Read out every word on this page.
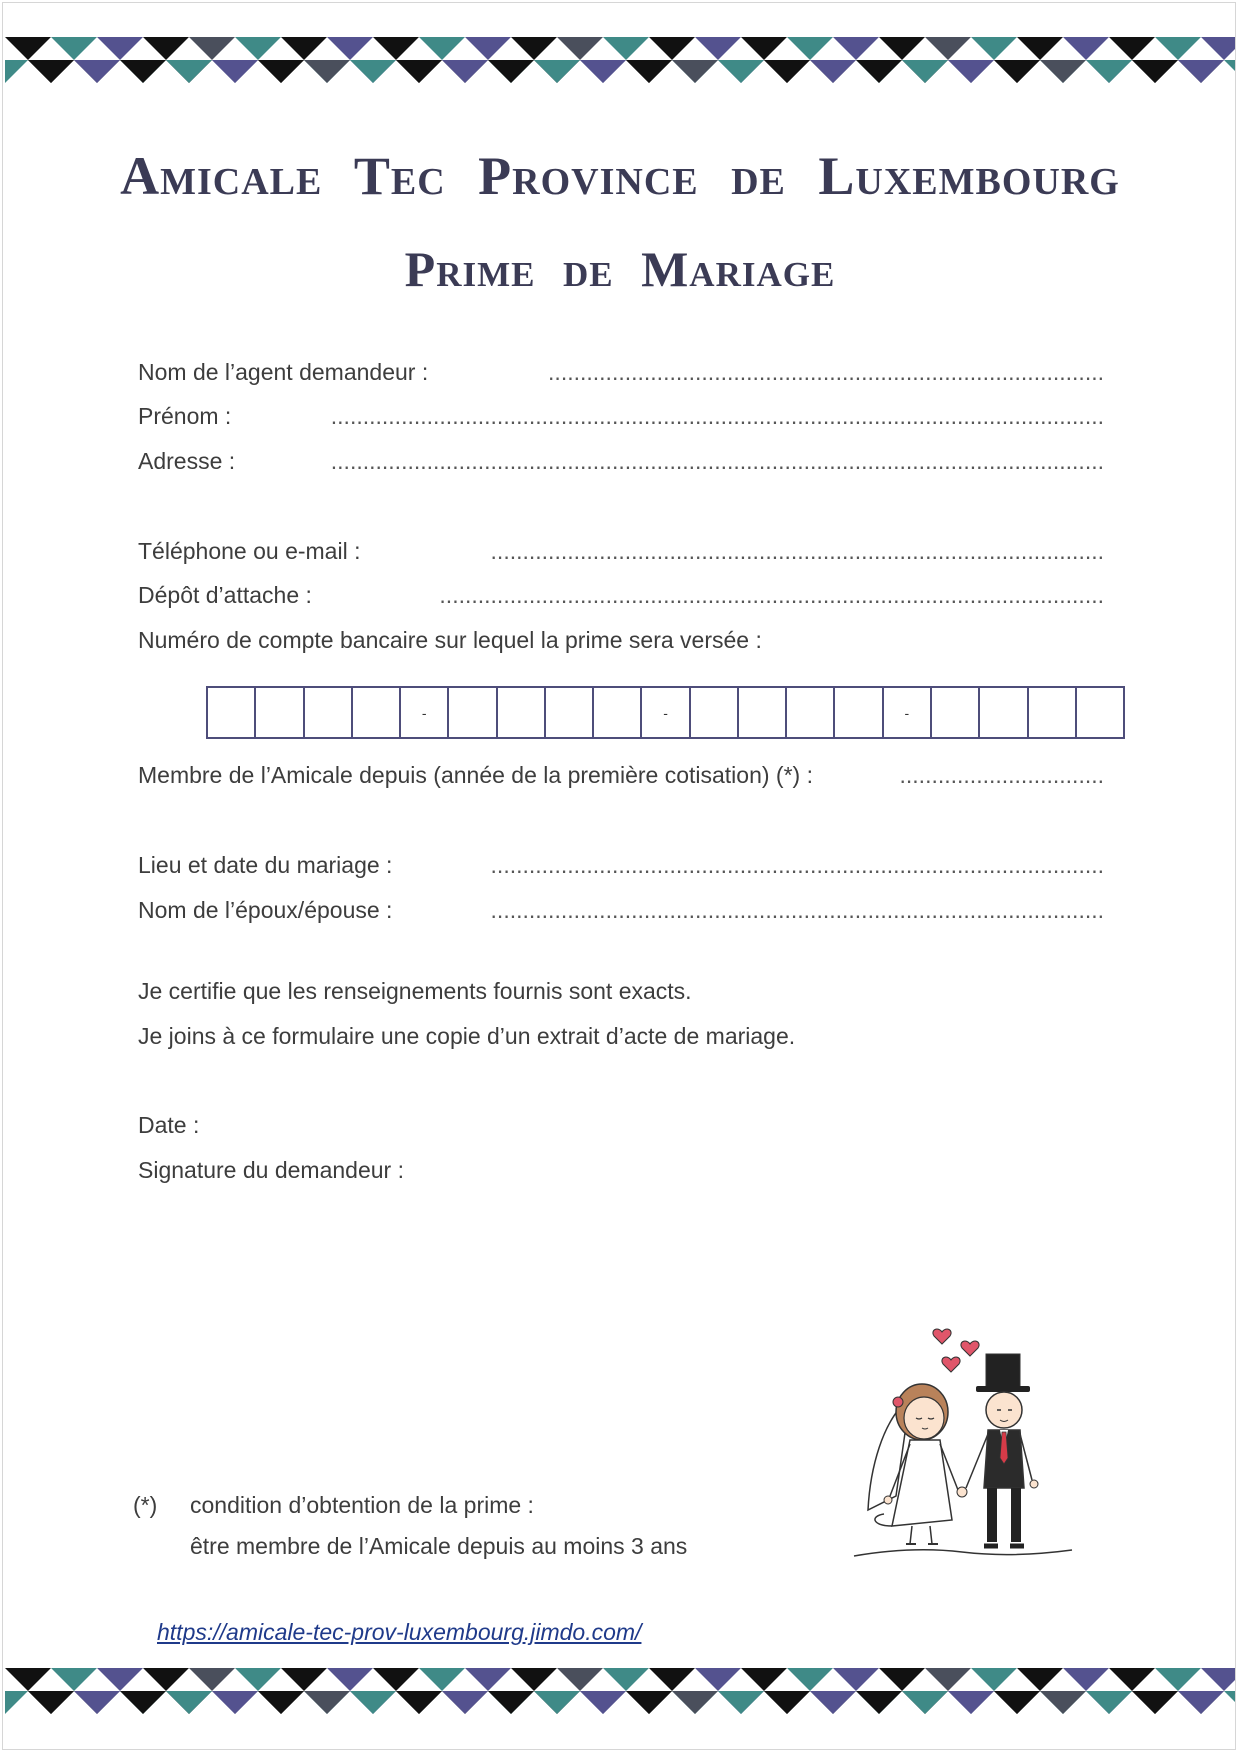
Amicale Tec Province de Luxembourg
Prime de Mariage
Nom de l’agent demandeur :	.......................................................................................
Prénom :	.........................................................................................................................
Adresse :	.........................................................................................................................
Téléphone ou e-mail :	................................................................................................
Dépôt d’attache :	........................................................................................................
Numéro de compte bancaire sur lequel la prime sera versée :
-	-	-
Membre de l’Amicale depuis (année de la première cotisation) (*) :	................................
Lieu et date du mariage :	................................................................................................
Nom de l’époux/épouse :	................................................................................................
Je certifie que les renseignements fournis sont exacts.
Je joins à ce formulaire une copie d’un extrait d’acte de mariage.
Date :
Signature du demandeur :
(*) condition d’obtention de la prime :
être membre de l’Amicale depuis au moins 3 ans
https://amicale-tec-prov-luxembourg.jimdo.com/
